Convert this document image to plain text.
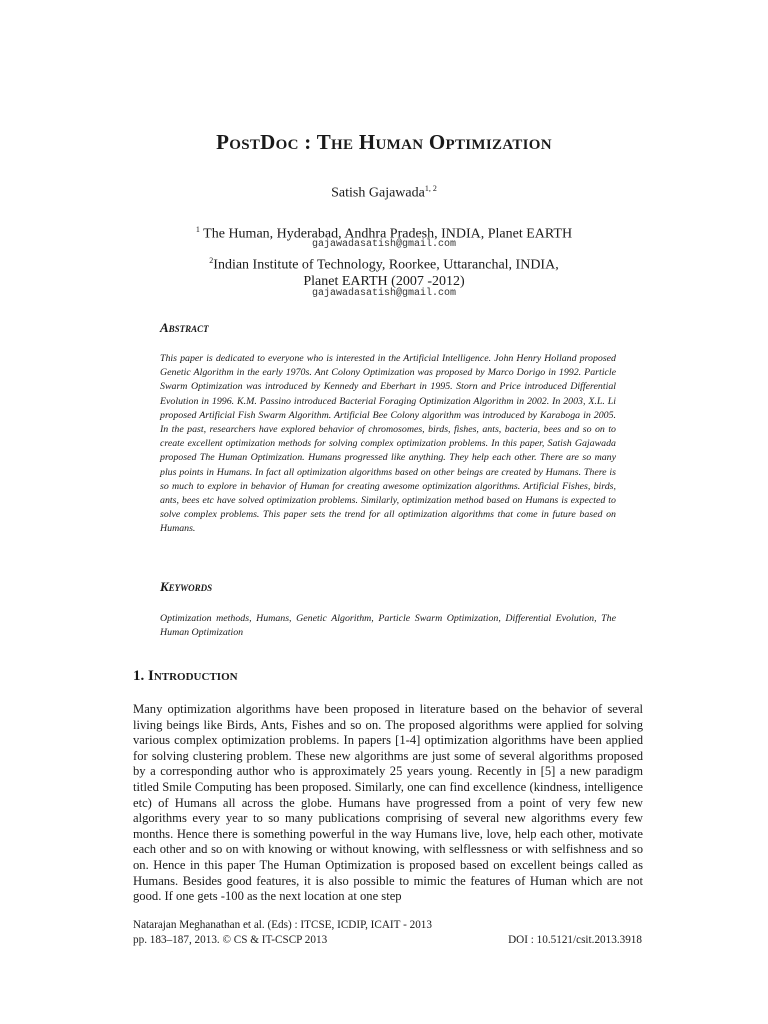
PostDoc : The Human Optimization
Satish Gajawada$^{1, 2}$
$^1$ The Human, Hyderabad, Andhra Pradesh, INDIA, Planet EARTH
gajawadasatish@gmail.com
$^2$Indian Institute of Technology, Roorkee, Uttaranchal, INDIA,
Planet EARTH (2007 -2012)
gajawadasatish@gmail.com
Abstract

This paper is dedicated to everyone who is interested in the Artificial Intelligence. John Henry Holland proposed Genetic Algorithm in the early 1970s. Ant Colony Optimization was proposed by Marco Dorigo in 1992. Particle Swarm Optimization was introduced by Kennedy and Eberhart in 1995. Storn and Price introduced Differential Evolution in 1996. K.M. Passino introduced Bacterial Foraging Optimization Algorithm in 2002. In 2003, X.L. Li proposed Artificial Fish Swarm Algorithm. Artificial Bee Colony algorithm was introduced by Karaboga in 2005. In the past, researchers have explored behavior of chromosomes, birds, fishes, ants, bacteria, bees and so on to create excellent optimization methods for solving complex optimization problems. In this paper, Satish Gajawada proposed The Human Optimization. Humans progressed like anything. They help each other. There are so many plus points in Humans. In fact all optimization algorithms based on other beings are created by Humans. There is so much to explore in behavior of Human for creating awesome optimization algorithms. Artificial Fishes, birds, ants, bees etc have solved optimization problems. Similarly, optimization method based on Humans is expected to solve complex problems. This paper sets the trend for all optimization algorithms that come in future based on Humans.

Keywords

Optimization methods, Humans, Genetic Algorithm, Particle Swarm Optimization, Differential Evolution, The Human Optimization

1. Introduction

Many optimization algorithms have been proposed in literature based on the behavior of several living beings like Birds, Ants, Fishes and so on. The proposed algorithms were applied for solving various complex optimization problems. In papers [1-4] optimization algorithms have been applied for solving clustering problem. These new algorithms are just some of several algorithms proposed by a corresponding author who is approximately 25 years young. Recently in [5] a new paradigm titled Smile Computing has been proposed. Similarly, one can find excellence (kindness, intelligence etc) of Humans all across the globe. Humans have progressed from a point of very few new algorithms every year to so many publications comprising of several new algorithms every few months. Hence there is something powerful in the way Humans live, love, help each other, motivate each other and so on with knowing or without knowing, with selflessness or with selfishness and so on. Hence in this paper The Human Optimization is proposed based on excellent beings called as Humans. Besides good features, it is also possible to mimic the features of Human which are not good. If one gets -100 as the next location at one step

Natarajan Meghanathan et al. (Eds) : ITCSE, ICDIP, ICAIT - 2013
pp. 183–187, 2013. © CS & IT-CSCP 2013	DOI : 10.5121/csit.2013.3918
